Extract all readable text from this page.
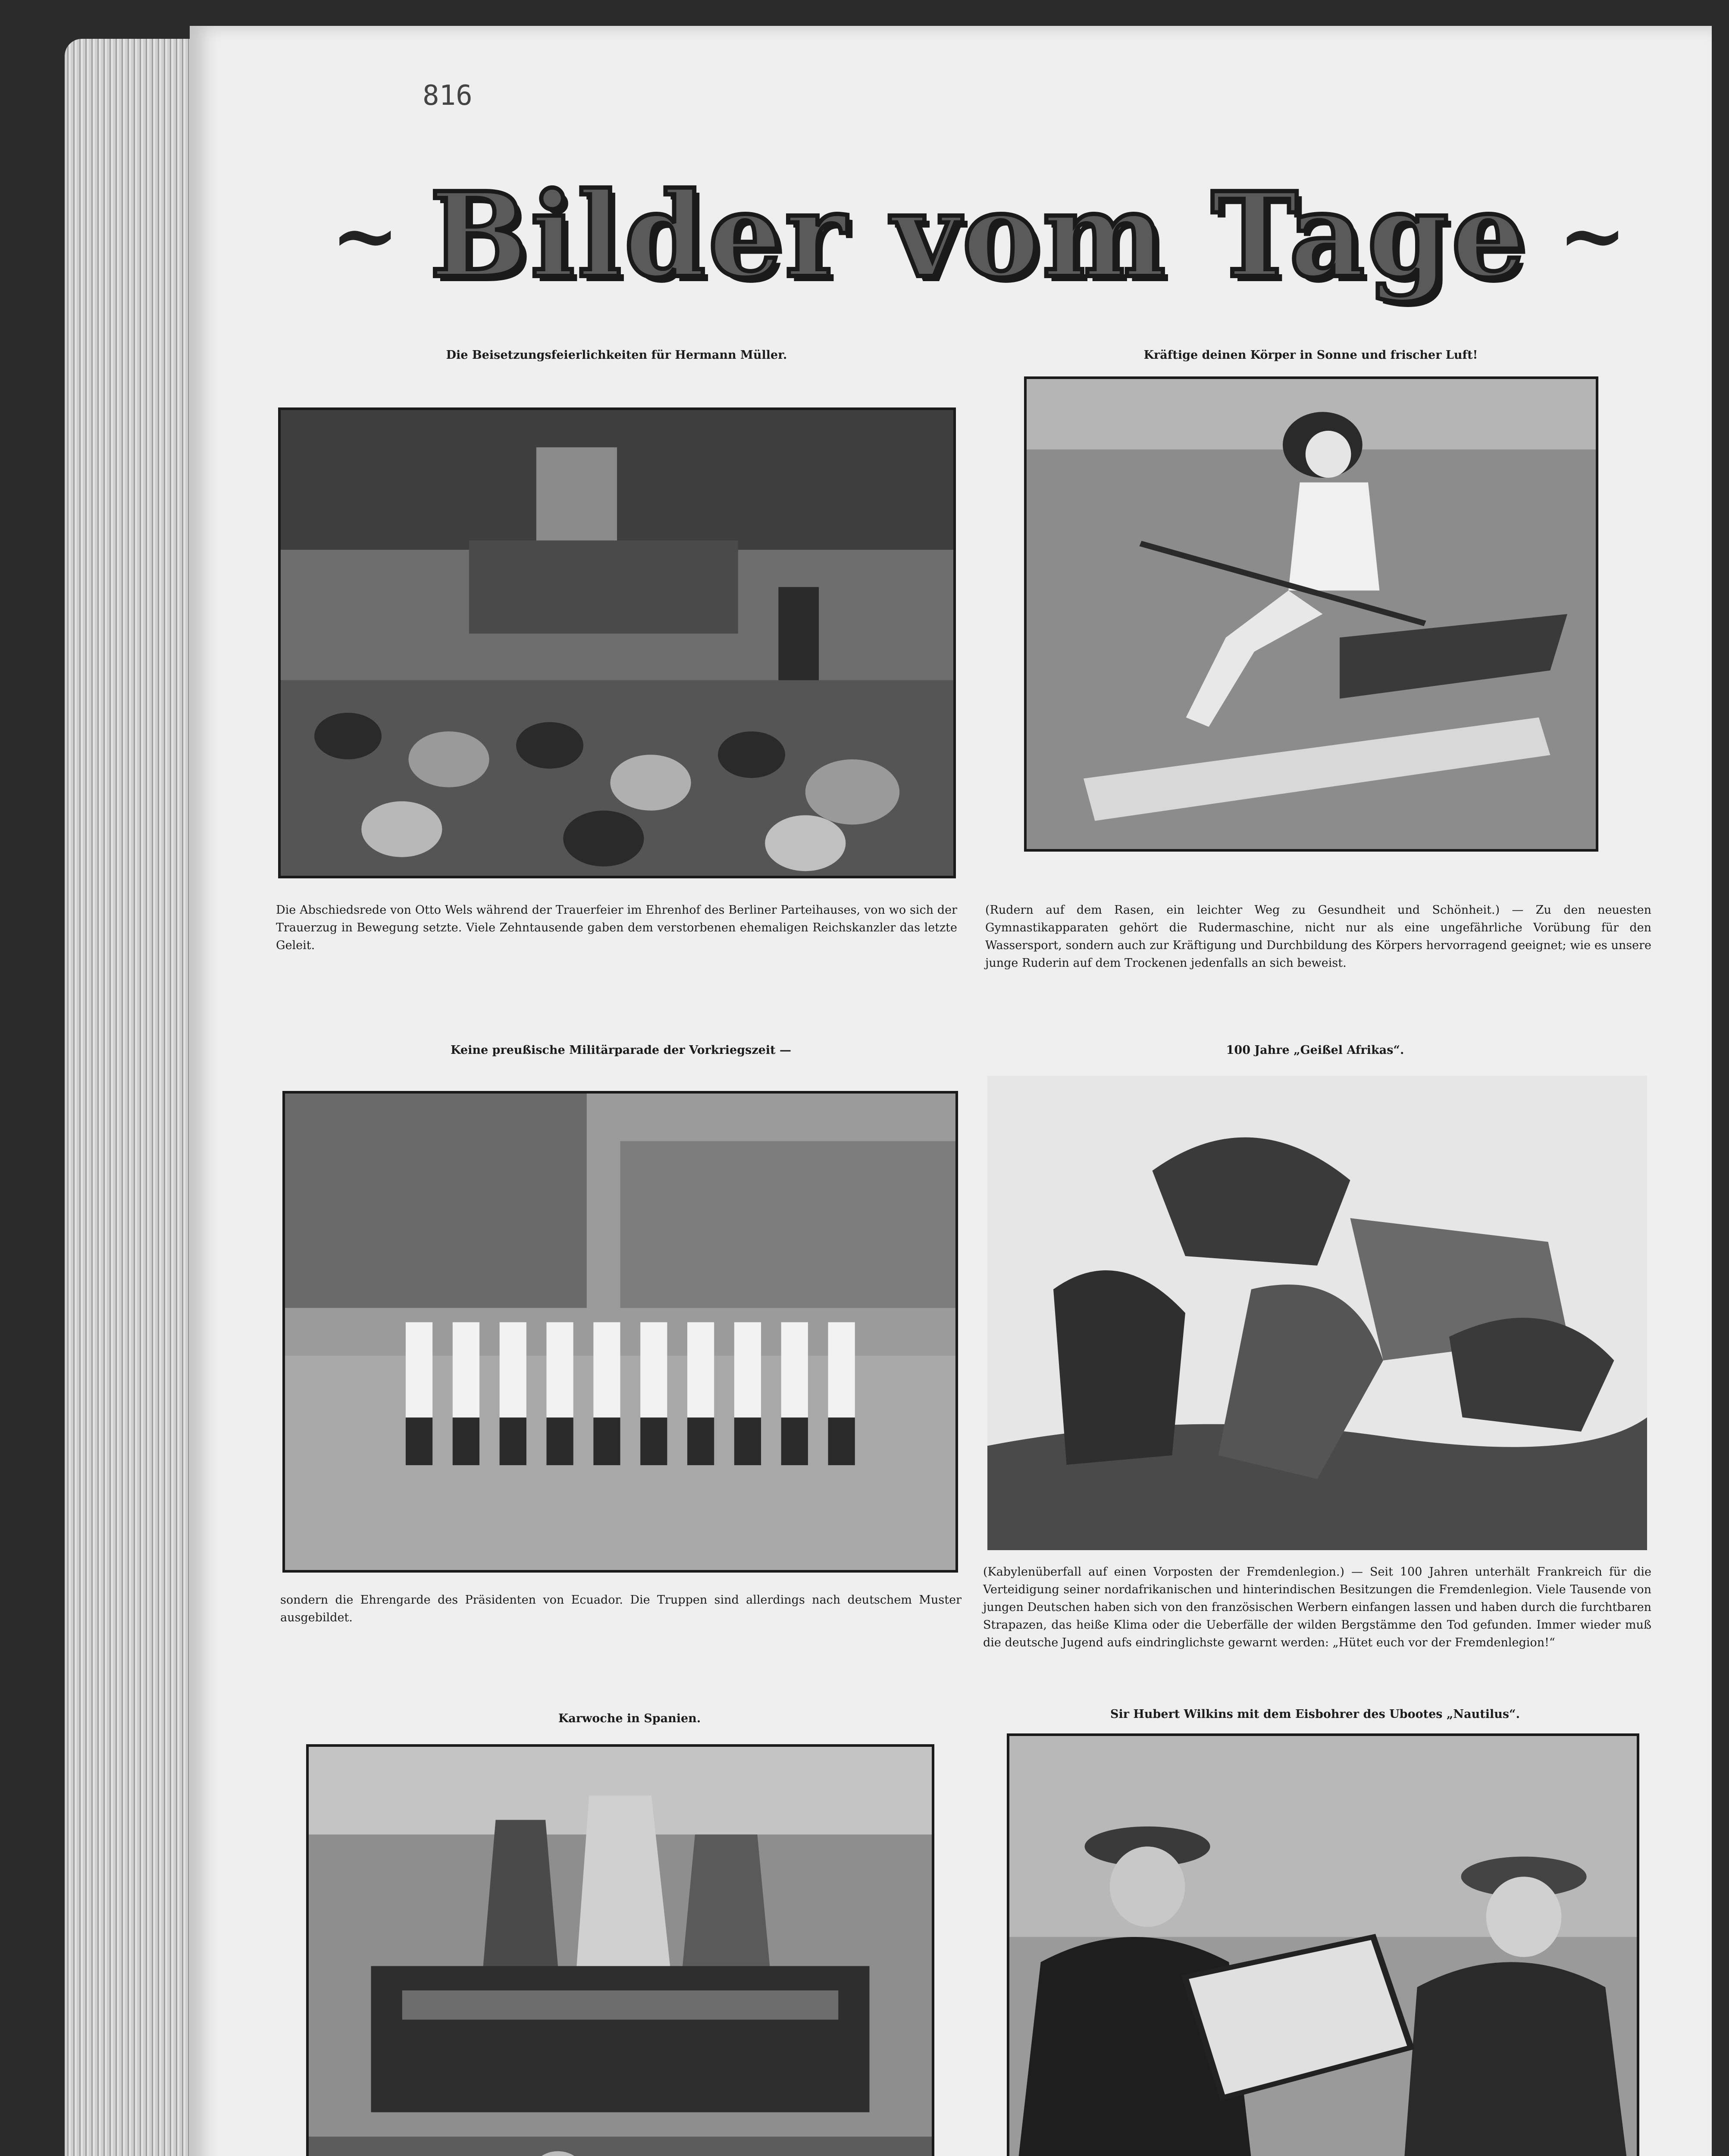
816
~ Bilder vom Tage ~
Die Beisetzungsfeierlichkeiten für Hermann Müller.
Die Abschiedsrede von Otto Wels während der Trauerfeier im Ehrenhof des Berliner Parteihauses, von wo sich der Trauerzug in Bewegung setzte. Viele Zehntausende gaben dem verstorbenen ehemaligen Reichskanzler das letzte Geleit.
Kräftige deinen Körper in Sonne und frischer Luft!
(Rudern auf dem Rasen, ein leichter Weg zu Gesundheit und Schönheit.) — Zu den neuesten Gymnastikapparaten gehört die Rudermaschine, nicht nur als eine ungefährliche Vorübung für den Wassersport, sondern auch zur Kräftigung und Durchbildung des Körpers hervorragend geeignet; wie es unsere junge Ruderin auf dem Trockenen jedenfalls an sich beweist.
Keine preußische Militärparade der Vorkriegszeit —
sondern die Ehrengarde des Präsidenten von Ecuador. Die Truppen sind allerdings nach deutschem Muster ausgebildet.
100 Jahre „Geißel Afrikas“.
(Kabylenüberfall auf einen Vorposten der Fremdenlegion.) — Seit 100 Jahren unterhält Frankreich für die Verteidigung seiner nordafrikanischen und hinterindischen Besitzungen die Fremdenlegion. Viele Tausende von jungen Deutschen haben sich von den französischen Werbern einfangen lassen und haben durch die furchtbaren Strapazen, das heiße Klima oder die Ueberfälle der wilden Bergstämme den Tod gefunden. Immer wieder muß die deutsche Jugend aufs eindringlichste gewarnt werden: „Hütet euch vor der Fremdenlegion!“
Karwoche in Spanien.	Sir Hubert Wilkins mit dem Eisbohrer des Ubootes „Nautilus“.
